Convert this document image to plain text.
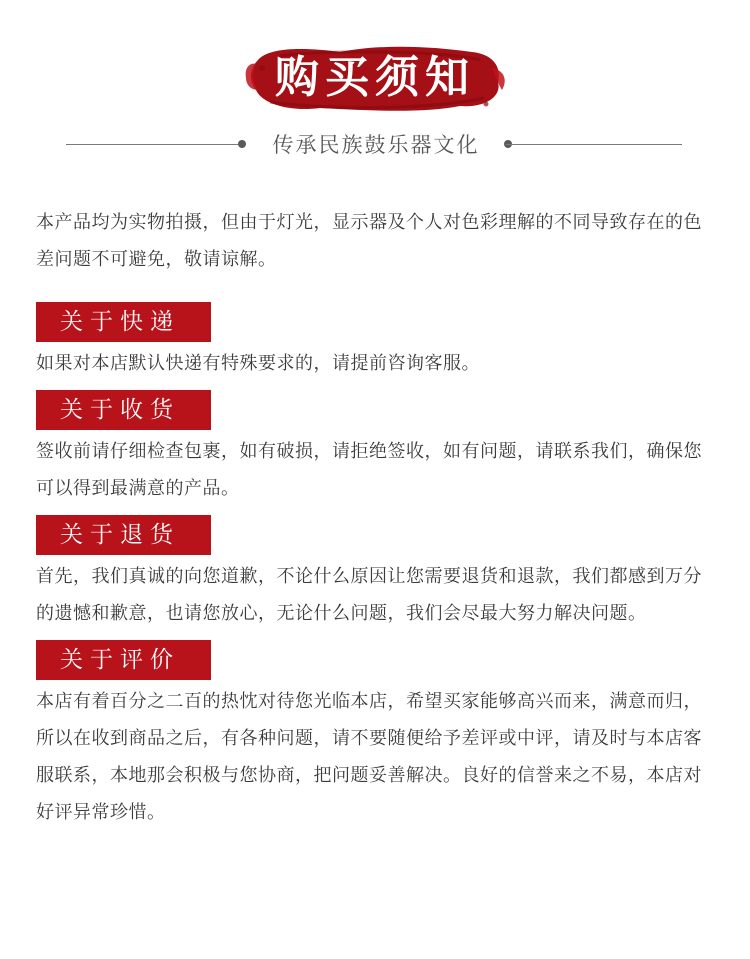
购买须知
传承民族鼓乐器文化

本产品均为实物拍摄，但由于灯光，显示器及个人对色彩理解的不同导致存在的色差问题不可避免，敬请谅解。

关于快递

如果对本店默认快递有特殊要求的，请提前咨询客服。

关于收货

签收前请仔细检查包裹，如有破损，请拒绝签收，如有问题，请联系我们，确保您可以得到最满意的产品。

关于退货

首先，我们真诚的向您道歉，不论什么原因让您需要退货和退款，我们都感到万分的遗憾和歉意，也请您放心，无论什么问题，我们会尽最大努力解决问题。

关于评价

本店有着百分之二百的热忱对待您光临本店，希望买家能够高兴而来，满意而归，所以在收到商品之后，有各种问题，请不要随便给予差评或中评，请及时与本店客服联系，本地那会积极与您协商，把问题妥善解决。良好的信誉来之不易，本店对好评异常珍惜。
